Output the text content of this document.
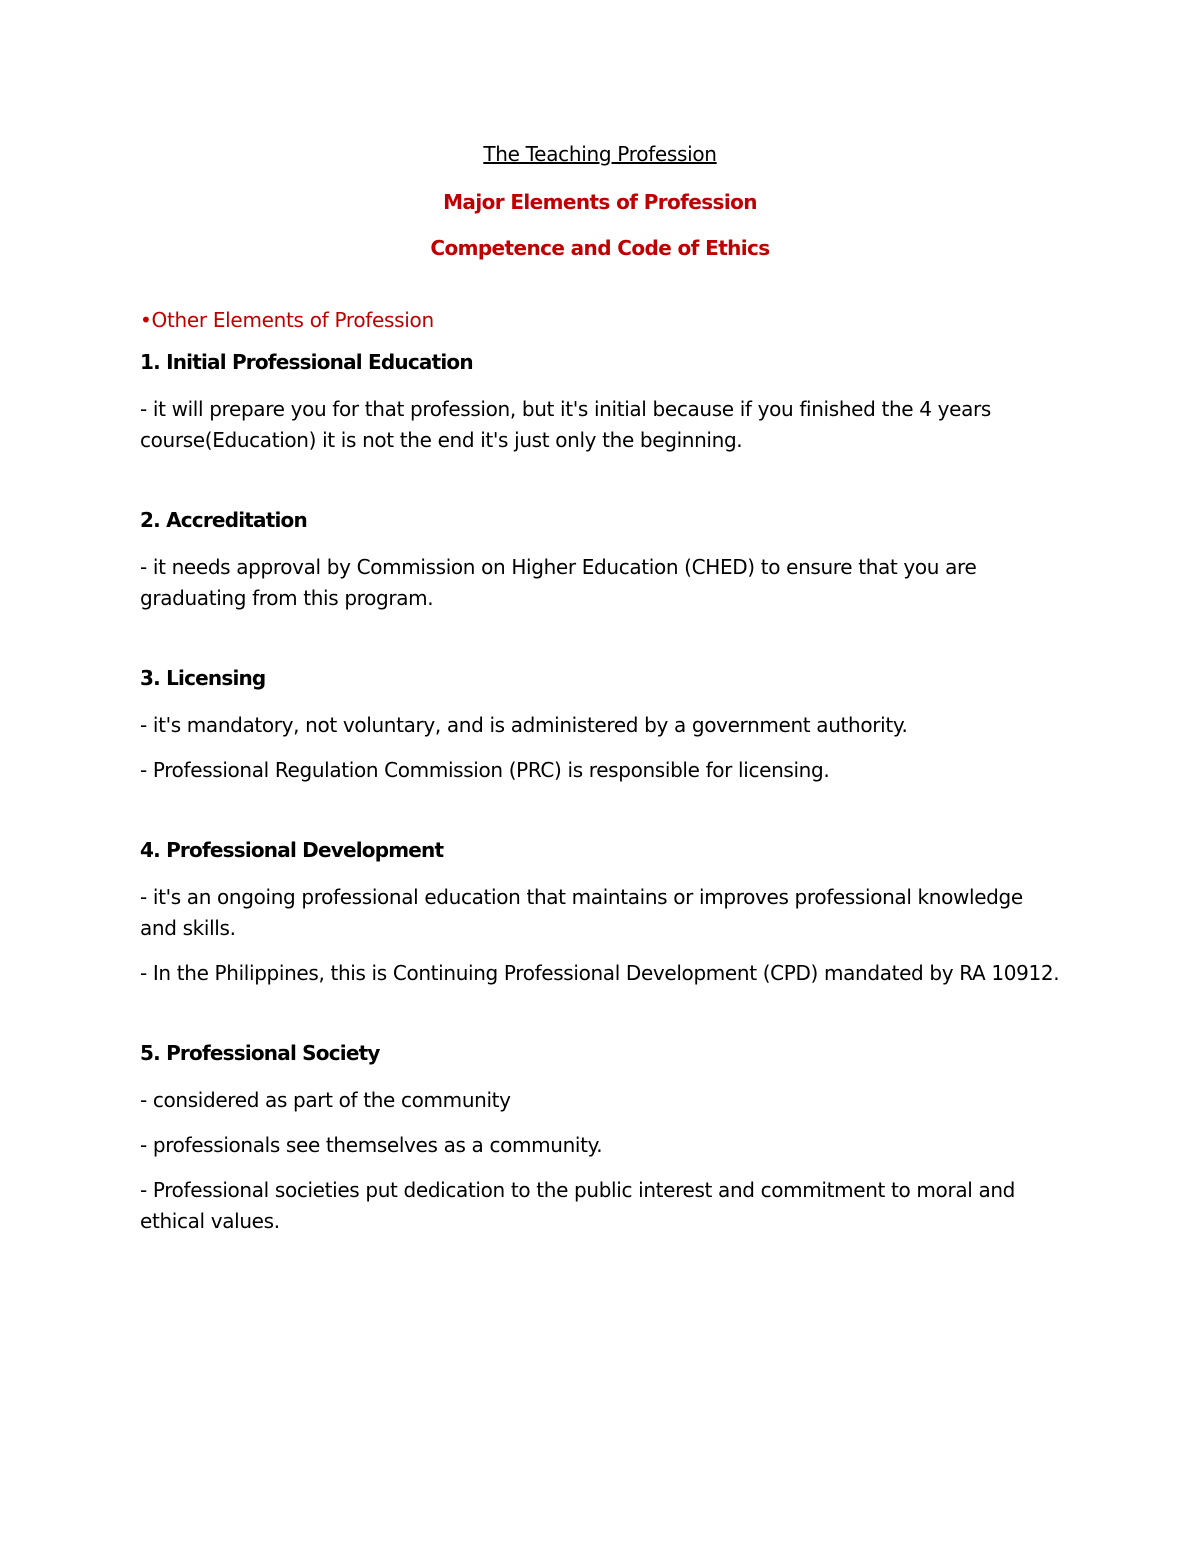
The Teaching Profession
Major Elements of Profession
Competence and Code of Ethics
•Other Elements of Profession
1. Initial Professional Education
- it will prepare you for that profession, but it's initial because if you finished the 4 years course(Education) it is not the end it's just only the beginning.
2. Accreditation
- it needs approval by Commission on Higher Education (CHED) to ensure that you are graduating from this program.
3. Licensing
- it's mandatory, not voluntary, and is administered by a government authority.
- Professional Regulation Commission (PRC) is responsible for licensing.
4. Professional Development
- it's an ongoing professional education that maintains or improves professional knowledge and skills.
- In the Philippines, this is Continuing Professional Development (CPD) mandated by RA 10912.
5. Professional Society
- considered as part of the community
- professionals see themselves as a community.
- Professional societies put dedication to the public interest and commitment to moral and ethical values.
